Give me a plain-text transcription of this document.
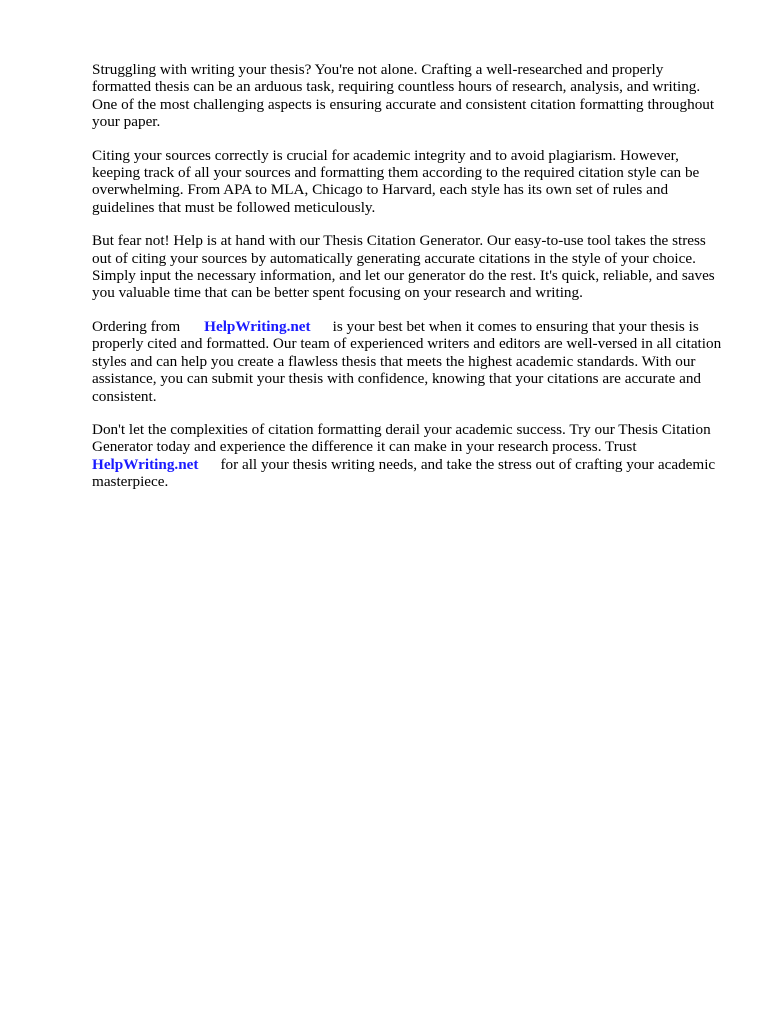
Struggling with writing your thesis? You're not alone. Crafting a well-researched and properly formatted thesis can be an arduous task, requiring countless hours of research, analysis, and writing. One of the most challenging aspects is ensuring accurate and consistent citation formatting throughout your paper.

Citing your sources correctly is crucial for academic integrity and to avoid plagiarism. However, keeping track of all your sources and formatting them according to the required citation style can be overwhelming. From APA to MLA, Chicago to Harvard, each style has its own set of rules and guidelines that must be followed meticulously.

But fear not! Help is at hand with our Thesis Citation Generator. Our easy-to-use tool takes the stress out of citing your sources by automatically generating accurate citations in the style of your choice. Simply input the necessary information, and let our generator do the rest. It's quick, reliable, and saves you valuable time that can be better spent focusing on your research and writing.

Ordering from HelpWriting.net is your best bet when it comes to ensuring that your thesis is properly cited and formatted. Our team of experienced writers and editors are well-versed in all citation styles and can help you create a flawless thesis that meets the highest academic standards. With our assistance, you can submit your thesis with confidence, knowing that your citations are accurate and consistent.

Don't let the complexities of citation formatting derail your academic success. Try our Thesis Citation Generator today and experience the difference it can make in your research process. Trust HelpWriting.net for all your thesis writing needs, and take the stress out of crafting your academic masterpiece.
